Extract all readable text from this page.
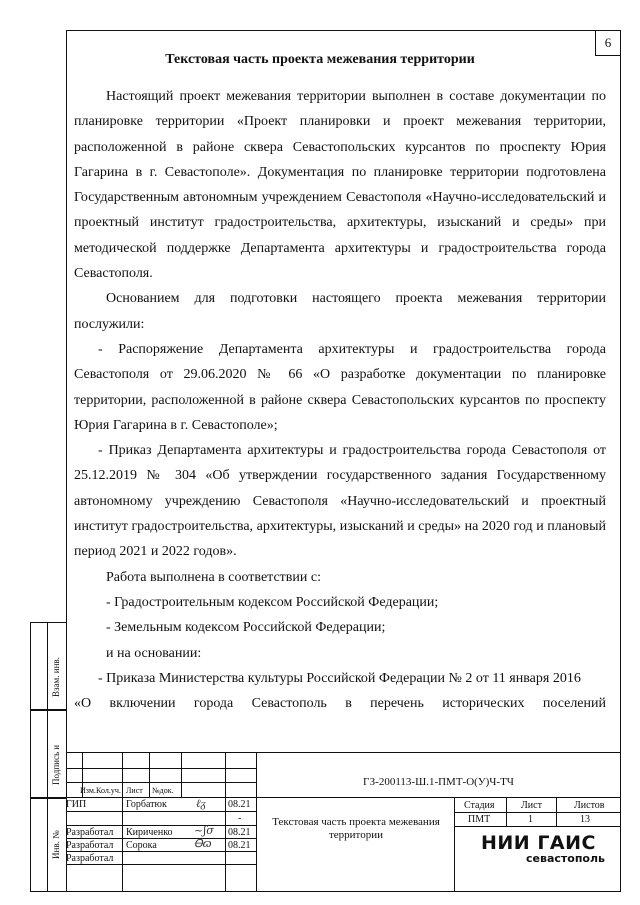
6
Текстовая часть проекта межевания территории

Настоящий проект межевания территории выполнен в составе документации по планировке территории «Проект планировки и проект межевания территории, расположенной в районе сквера Севастопольских курсантов по проспекту Юрия Гагарина в г. Севастополе». Документация по планировке территории подготовлена Государственным автономным учреждением Севастополя «Научно-исследовательский и проектный институт градостроительства, архитектуры, изысканий и среды» при методической поддержке Департамента архитектуры и градостроительства города Севастополя.

Основанием для подготовки настоящего проекта межевания территории послужили:

- Распоряжение Департамента архитектуры и градостроительства города Севастополя от 29.06.2020 № 66 «О разработке документации по планировке территории, расположенной в районе сквера Севастопольских курсантов по проспекту Юрия Гагарина в г. Севастополе»;

- Приказ Департамента архитектуры и градостроительства города Севастополя от 25.12.2019 № 304 «Об утверждении государственного задания Государственному автономному учреждению Севастополя «Научно-исследовательский и проектный институт градостроительства, архитектуры, изысканий и среды» на 2020 год и плановый период 2021 и 2022 годов».

Работа выполнена в соответствии с:

- Градостроительным кодексом Российской Федерации;

- Земельным кодексом Российской Федерации;

и на основании:

- Приказа Министерства культуры Российской Федерации № 2 от 11 января 2016

«О включении города Севастополь в перечень исторических поселений

Взам. инв.
Подпись и
Инв. №
ГЗ-200113-Ш.1-ПМТ-О(У)Ч-ТЧ
Изм. Кол.уч. Лист №док.
ГИП	Горбатюк	ℓᵹ 08.21
-
Разработал Кириченко ~ʃσ 08.21
Разработал Сорока	Ꮎɷ 08.21
Разработал
Текстовая часть проекта межевания территории
Стадия	Лист	Листов
ПМТ	1	13
НИИ ГАИС
севастополь
